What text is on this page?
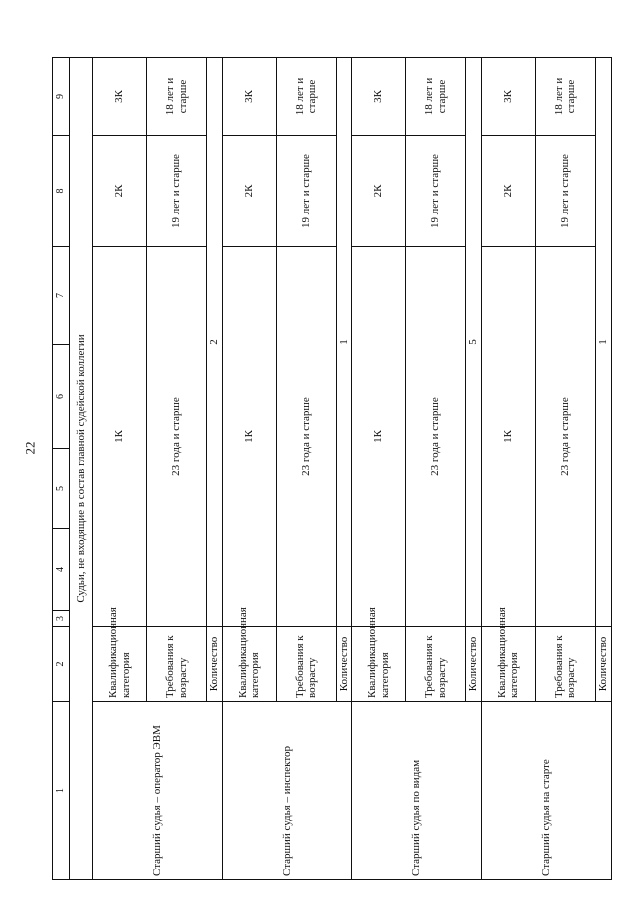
22
1	2	3	4	5	6	7	8	9
Судьи, не входящие в состав главной судейской коллегии								
Старший судья – оператор ЭВМ	Квалификационная категория	1К					2К	3К
	Требования к возрасту	23 года и старше					19 лет и старше	18 лет и старше
	Количество	2						
Старший судья – инспектор	Квалификационная категория	1К					2К	3К
	Требования к возрасту	23 года и старше					19 лет и старше	18 лет и старше
	Количество	1						
Старший судья по видам	Квалификационная категория	1К					2К	3К
	Требования к возрасту	23 года и старше					19 лет и старше	18 лет и старше
	Количество	5						
Старший судья на старте	Квалификационная категория	1К					2К	3К
	Требования к возрасту	23 года и старше					19 лет и старше	18 лет и старше
	Количество	1						
